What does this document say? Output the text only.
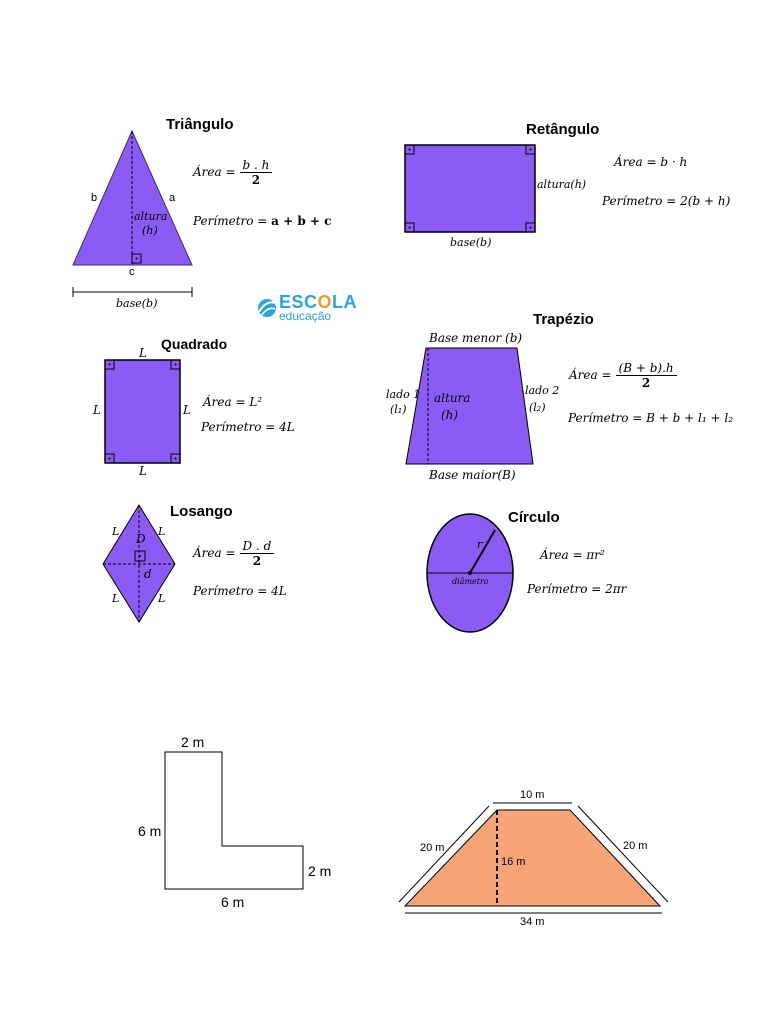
Triângulo
b	a
c
altura
(h)
base(b)
Área = $\frac{b . h}{2}$
Perímetro = a + b + c
Retângulo
altura(h)
base(b)
Área = b · h
Perímetro = 2(b + h)
ESCOLA
educação
Quadrado
L
L
L	L
Área = L²
Perímetro = 4L
Trapézio
Base menor (b)
Base maior(B)
lado 1
(l₁)
lado 2
(l₂)
altura
(h)
Área = $\frac{(B + b).h}{2}$
Perímetro = B + b + l₁ + l₂
Losango
L	L
L	L
D
d
Área = $\frac{D . d}{2}$
Perímetro = 4L
Círculo
r
diâmetro
Área = πr²
Perímetro = 2πr
2 m
6 m
2 m
6 m
10 m
20 m	20 m
16 m
34 m
